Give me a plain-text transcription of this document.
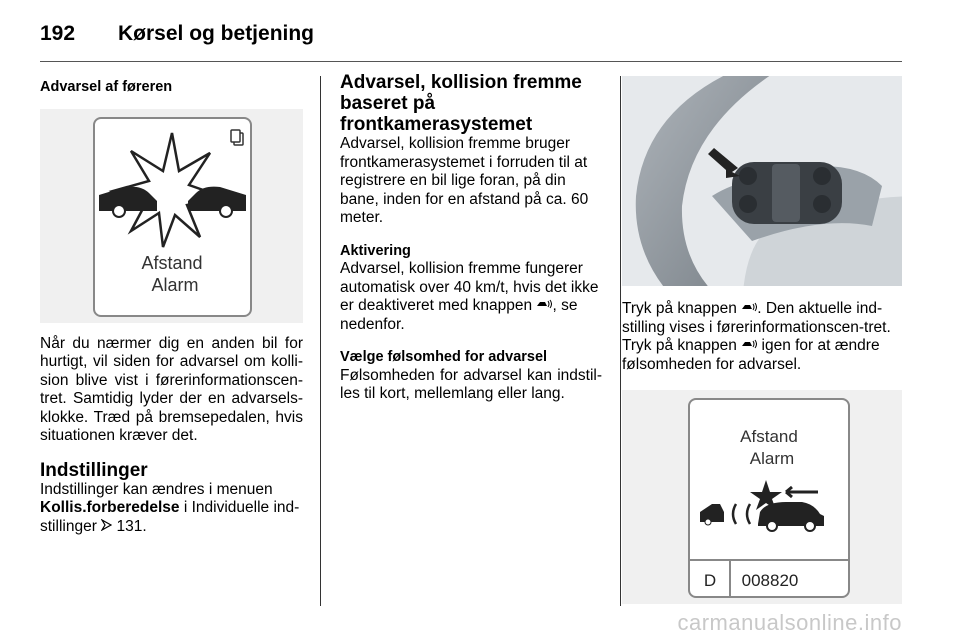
192 Kørsel og betjening
Advarsel af føreren
Afstand
Alarm

Når du nærmer dig en anden bil for hurtigt, vil siden for advarsel om kolli-sion blive vist i førerinformationscen-tret. Samtidig lyder der en advarsels-klokke. Træd på bremsepedalen, hvis situationen kræver det.

Indstillinger

Indstillinger kan ændres i menuen Kollis.forberedelse i Individuelle ind-stillinger 131.

Advarsel, kollision fremme baseret på frontkamerasystemet

Advarsel, kollision fremme bruger frontkamerasystemet i forruden til at registrere en bil lige foran, på din bane, inden for en afstand på ca. 60 meter.

Aktivering

Advarsel, kollision fremme fungerer automatisk over 40 km/t, hvis det ikke er deaktiveret med knappen , se nedenfor.

Vælge følsomhed for advarsel

Følsomheden for advarsel kan indstil-les til kort, mellemlang eller lang.

Tryk på knappen . Den aktuelle ind-stilling vises i førerinformationscen-tret. Tryk på knappen igen for at ændre følsomheden for advarsel.

Afstand
Alarm
D 008820
carmanualsonline.info
